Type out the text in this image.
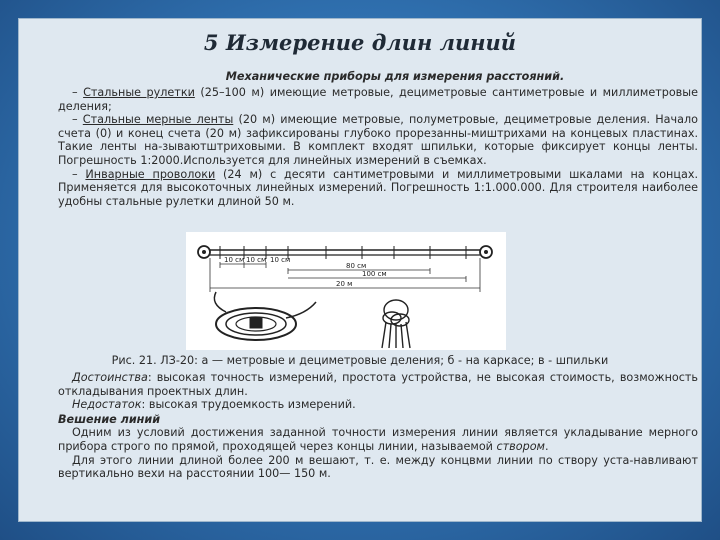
5 Измерение длин линий
Механические приборы для измерения расстояний.

– Стальные рулетки (25–100 м) имеющие метровые, дециметровые сантиметровые и миллиметровые деления;

– Стальные мерные ленты (20 м) имеющие метровые, полуметровые, дециметровые деления. Начало счета (0) и конец счета (20 м) зафиксированы глубоко прорезанны-миштрихами на концевых пластинах. Такие ленты на-зываютштриховыми. В комплект входят шпильки, которые фиксирует концы ленты. Погрешность 1:2000.Используется для линейных измерений в съемках.

– Инварные проволоки (24 м) с десяти сантиметровыми и миллиметровыми шкалами на концах. Применяется для высокоточных линейных измерений. Погрешность 1:1.000.000. Для строителя наиболее удобны стальные рулетки длиной 50 м.

10 см 10 см 10 см
80 см
100 см
20 м
Рис. 21. ЛЗ-20: а — метровые и дециметровые деления; б - на каркасе; в - шпильки

Достоинства: высокая точность измерений, простота устройства, не высокая стоимость, возможность откладывания проектных длин.

Недостаток: высокая трудоемкость измерений.

Вешение линий

Одним из условий достижения заданной точности измерения линии является укладывание мерного прибора строго по прямой, проходящей через концы линии, называемой створом.

Для этого линии длиной более 200 м вешают, т. е. между концвми линии по створу уста-навливают вертикально вехи на расстоянии 100— 150 м.
